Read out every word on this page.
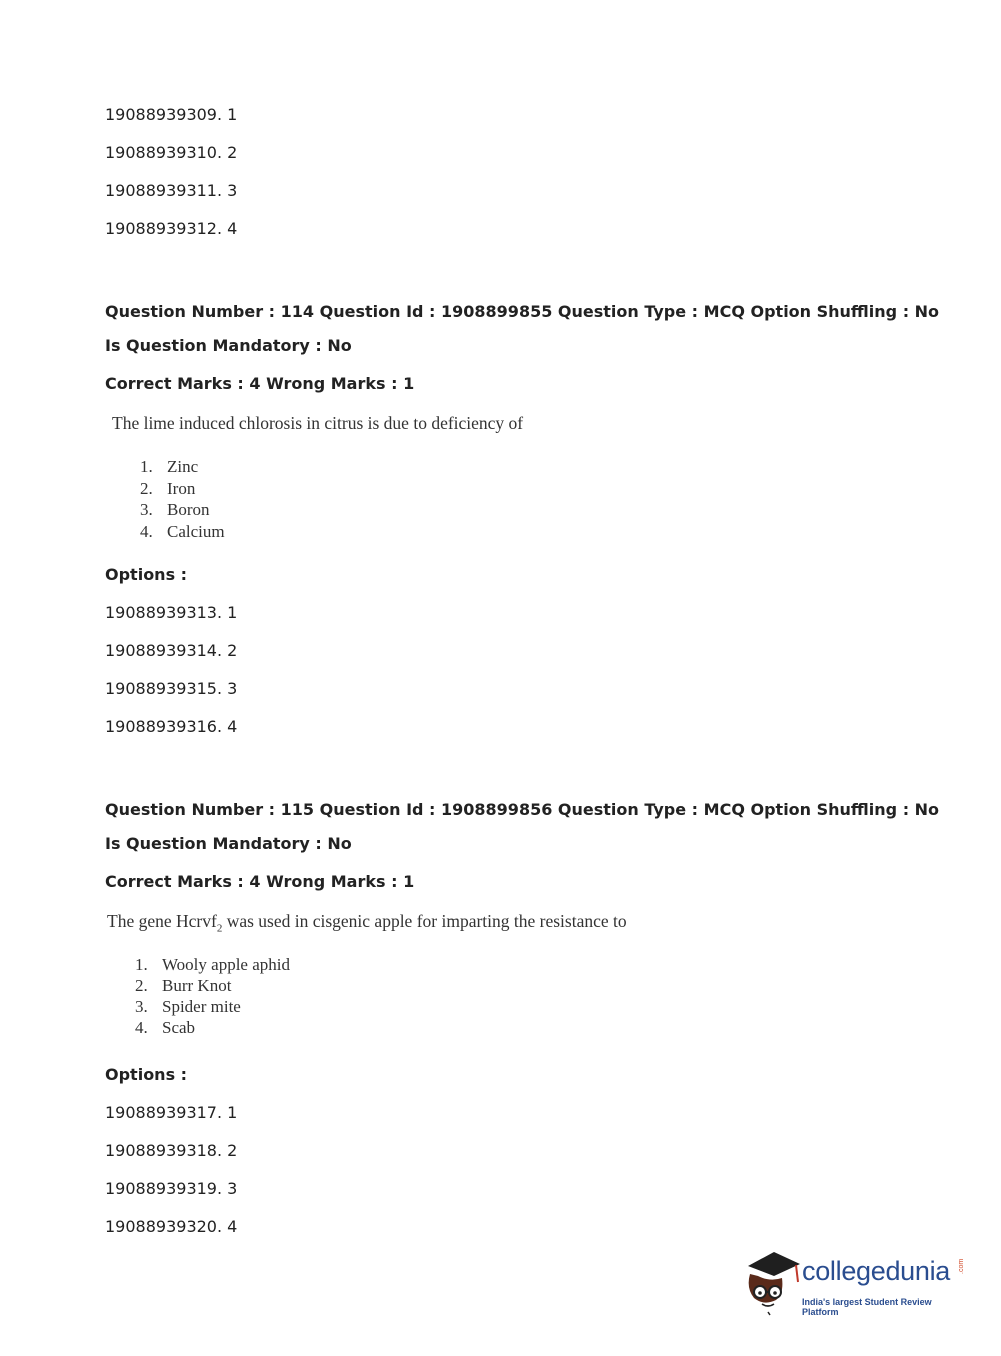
19088939309. 1
19088939310. 2
19088939311. 3
19088939312. 4
Question Number : 114 Question Id : 1908899855 Question Type : MCQ Option Shuffling : No
Is Question Mandatory : No
Correct Marks : 4 Wrong Marks : 1
The lime induced chlorosis in citrus is due to deficiency of
1. Zinc
2. Iron
3. Boron
4. Calcium
Options :
19088939313. 1
19088939314. 2
19088939315. 3
19088939316. 4
Question Number : 115 Question Id : 1908899856 Question Type : MCQ Option Shuffling : No
Is Question Mandatory : No
Correct Marks : 4 Wrong Marks : 1
The gene Hcrvf$_2$ was used in cisgenic apple for imparting the resistance to
1. Wooly apple aphid
2. Burr Knot
3. Spider mite
4. Scab
Options :
19088939317. 1
19088939318. 2
19088939319. 3
19088939320. 4
collegedunia .com
India's largest Student Review Platform
